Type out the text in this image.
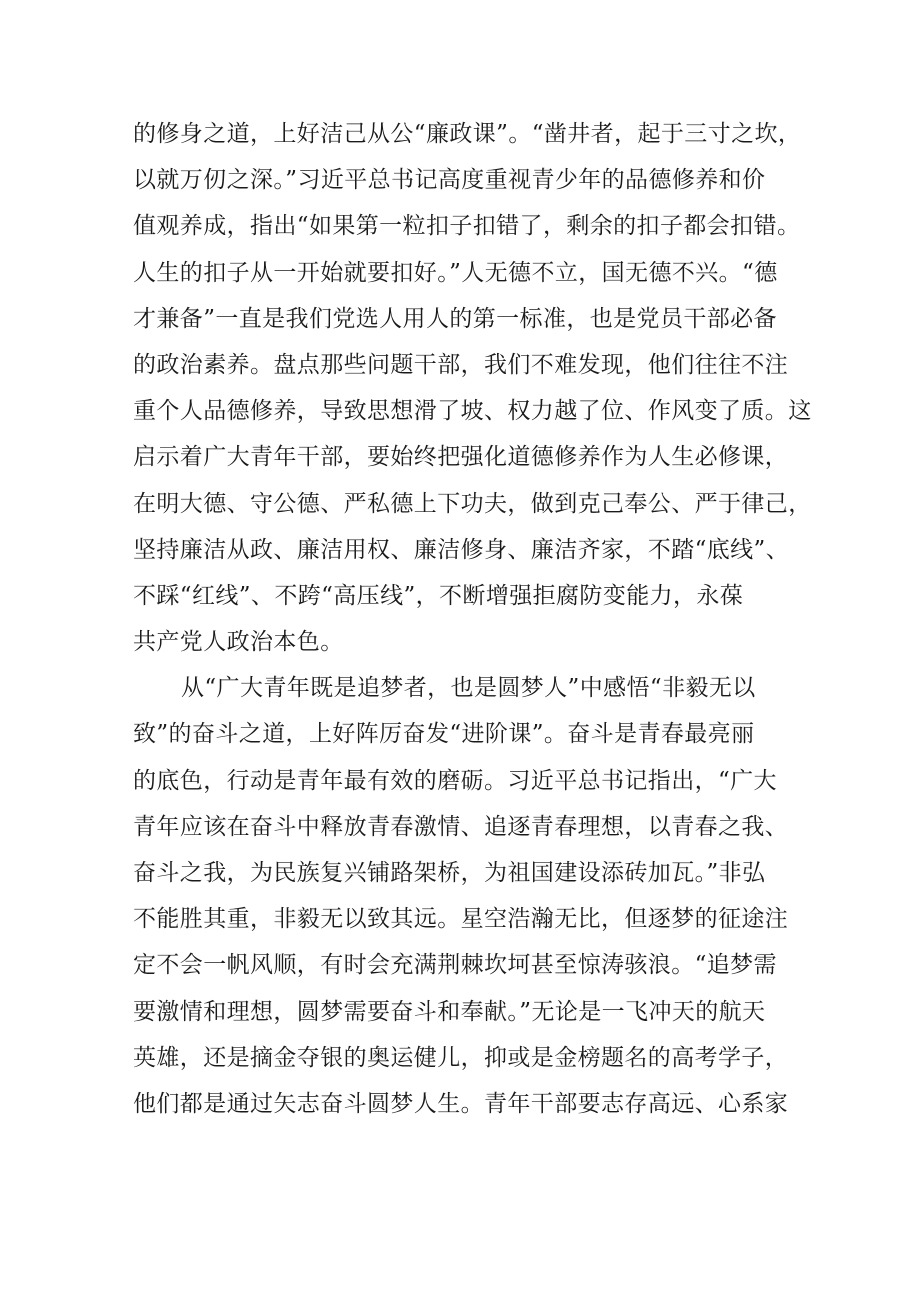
的修身之道，上好洁己从公“廉政课”。“凿井者，起于三寸之坎，
以就万仞之深。”习近平总书记高度重视青少年的品德修养和价
值观养成，指出“如果第一粒扣子扣错了，剩余的扣子都会扣错。
人生的扣子从一开始就要扣好。”人无德不立，国无德不兴。“德
才兼备”一直是我们党选人用人的第一标准，也是党员干部必备
的政治素养。盘点那些问题干部，我们不难发现，他们往往不注
重个人品德修养，导致思想滑了坡、权力越了位、作风变了质。这
启示着广大青年干部，要始终把强化道德修养作为人生必修课，
在明大德、守公德、严私德上下功夫，做到克己奉公、严于律己，
坚持廉洁从政、廉洁用权、廉洁修身、廉洁齐家，不踏“底线”、
不踩“红线”、不跨“高压线”，不断增强拒腐防变能力，永葆
共产党人政治本色。
从“广大青年既是追梦者，也是圆梦人”中感悟“非毅无以
致”的奋斗之道，上好阵厉奋发“进阶课”。奋斗是青春最亮丽
的底色，行动是青年最有效的磨砺。习近平总书记指出，“广大
青年应该在奋斗中释放青春激情、追逐青春理想，以青春之我、
奋斗之我，为民族复兴铺路架桥，为祖国建设添砖加瓦。”非弘
不能胜其重，非毅无以致其远。星空浩瀚无比，但逐梦的征途注
定不会一帆风顺，有时会充满荆棘坎坷甚至惊涛骇浪。“追梦需
要激情和理想，圆梦需要奋斗和奉献。”无论是一飞冲天的航天
英雄，还是摘金夺银的奥运健儿，抑或是金榜题名的高考学子，
他们都是通过矢志奋斗圆梦人生。青年干部要志存高远、心系家
